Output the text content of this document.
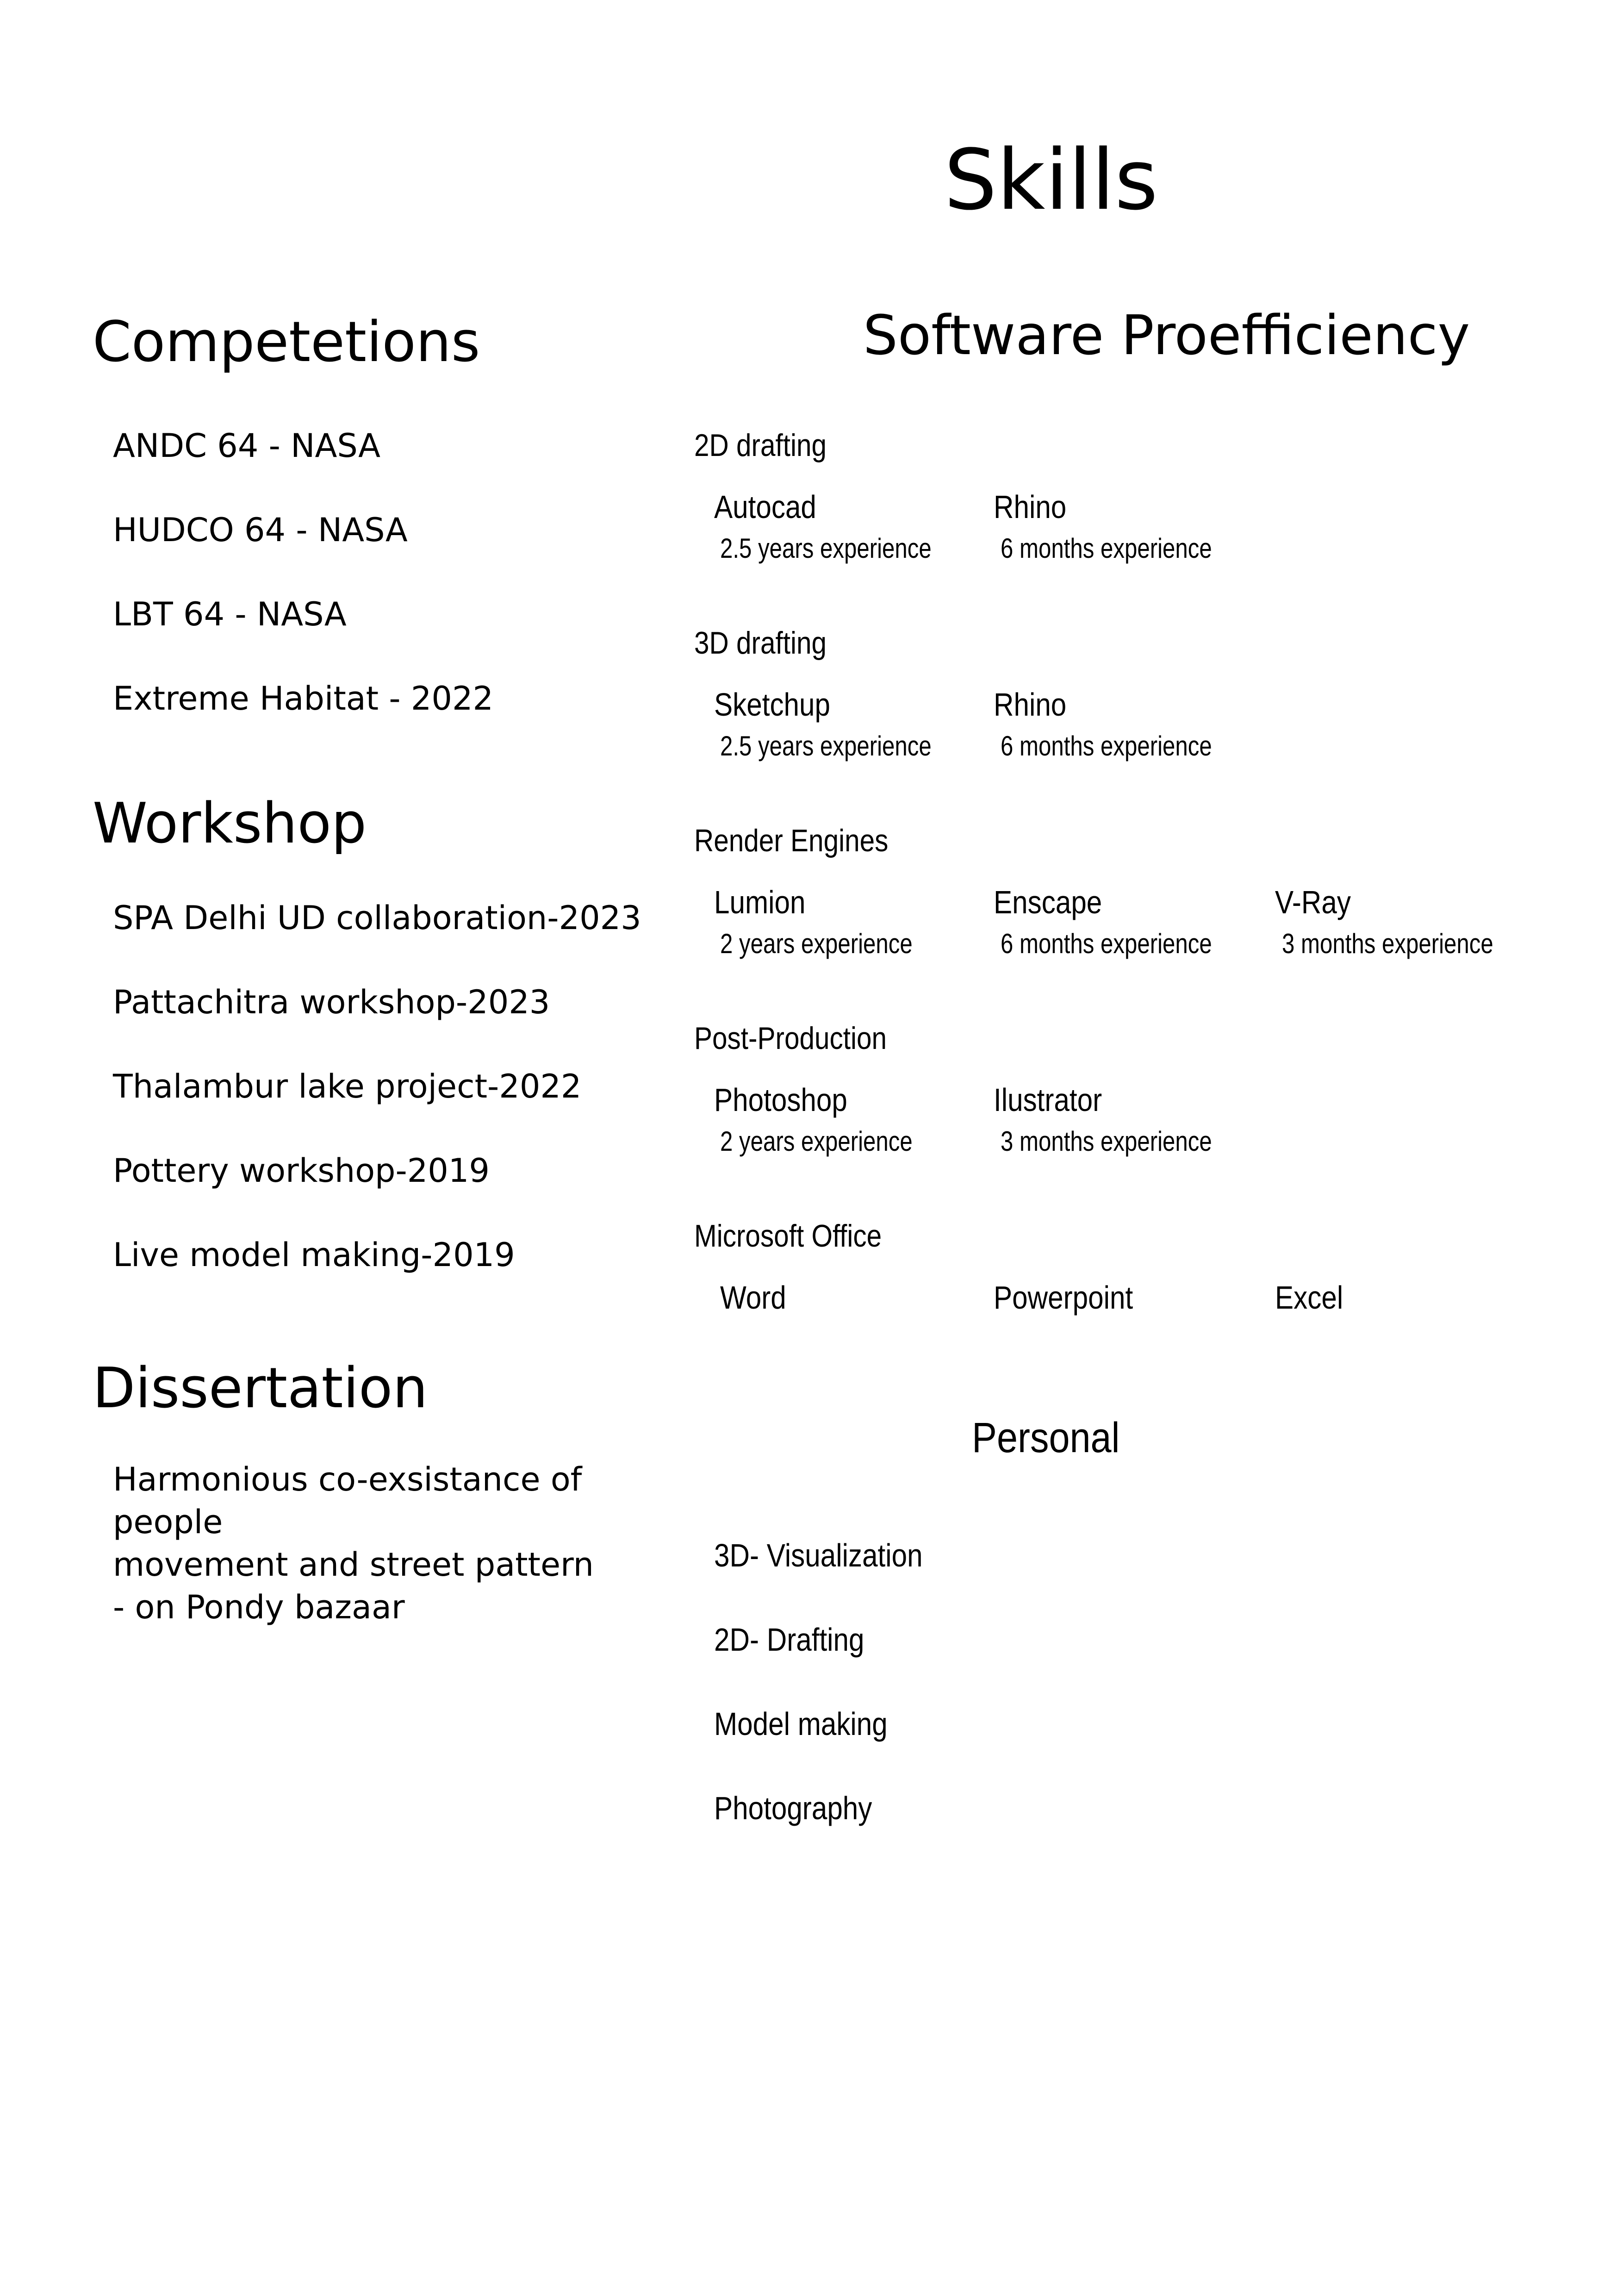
Skills
Competetions
ANDC 64 - NASA
HUDCO 64 - NASA
LBT 64 - NASA
Extreme Habitat - 2022
Workshop
SPA Delhi UD collaboration-2023
Pattachitra workshop-2023
Thalambur lake project-2022
Pottery workshop-2019
Live model making-2019
Dissertation
Harmonious co-exsistance of people
movement and street pattern
- on Pondy bazaar
Software Proefficiency
2D drafting
Autocad
2.5 years experience
Rhino
6 months experience
3D drafting
Sketchup
2.5 years experience
Rhino
6 months experience
Render Engines
Lumion
2 years experience
Enscape
6 months experience
V-Ray
3 months experience
Post-Production
Photoshop
2 years experience
Ilustrator
3 months experience
Microsoft Office
Word	Powerpoint	Excel
Personal
3D- Visualization
2D- Drafting
Model making
Photography
